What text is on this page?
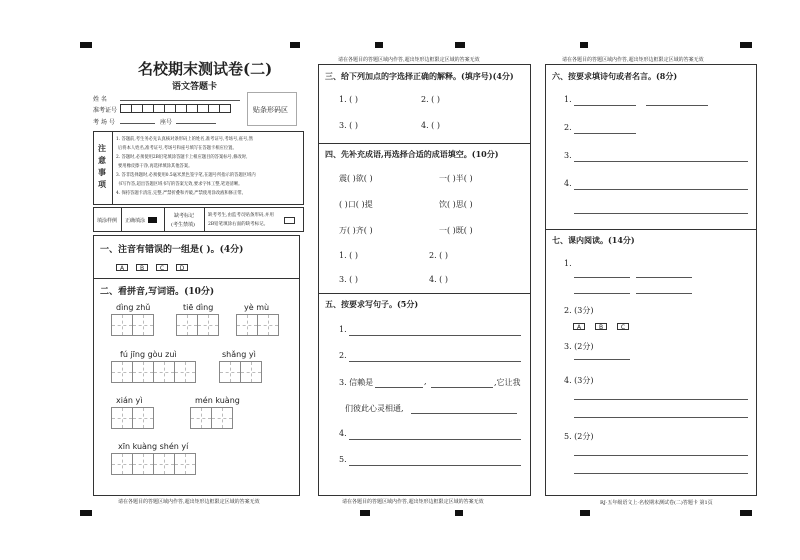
名校期末测试卷(二)
语文答题卡
姓 名
准考证号
考 场 号	座号
贴条形码区
注意事项
1. 答题前,考生务必先认真核对条形码上的姓名,准考证号,考场号,座号,然
后将本人姓名,准考证号,考场号和座号填写在答题卡相应位置。
2. 答题时,必须使用2B铅笔填涂答题卡上相应题目的答案标号,修改时,
要用橡皮擦干净,再选择填涂其他答案。
3. 答非选择题时,必须使用0.5毫米黑色签字笔,在题号所指示的答题区域内
书写作答,超出答题区域书写的答案无效,要求字体工整,笔迹清晰。
4. 保持答题卡清洁,完整,严禁折叠和弄破,严禁使用涂改液和修正带。
填涂样例 正确填涂
缺考标记
(考生禁填)
缺考考生,由监考员贴条形码,并用
2B铅笔填涂右面的缺考标记。
一、注音有错误的一组是( )。(4分)
A	B	C	D
二、看拼音,写词语。(10分)
dìng zhǔ	tiē dìng	yè mù
fú jīng gòu zuì	shǎng yì
xián yì	mén kuàng
xīn kuàng shén yí
请在各题目的答题区域内作答,超出矩形边框限定区域的答案无效
请在各题目的答题区域内作答,超出矩形边框限定区域的答案无效
三、给下列加点的字选择正确的解释。(填序号)(4分)
1. ( )	2. ( )
3. ( )	4. ( )
四、先补充成语,再选择合适的成语填空。(10分)
震( )欲( )	一( )半( )
( )口( )提	饮( )思( )
万( )齐( )	一( )既( )
1. ( )	2. ( )
3. ( )	4. ( )
五、按要求写句子。(5分)
1.
2.
3. 信赖是	,	,它让我
们彼此心灵相通,
4.
5.
请在各题目的答题区域内作答,超出矩形边框限定区域的答案无效
请在各题目的答题区域内作答,超出矩形边框限定区域的答案无效
六、按要求填诗句或者名言。(8分)
1.
2.
3.
4.
七、课内阅读。(14分)
1.
2. (3分)
A	B	C
3. (2分)
4. (3分)
5. (2分)
RJ·五年级语文上·名校期末测试卷(二)答题卡 第1页
